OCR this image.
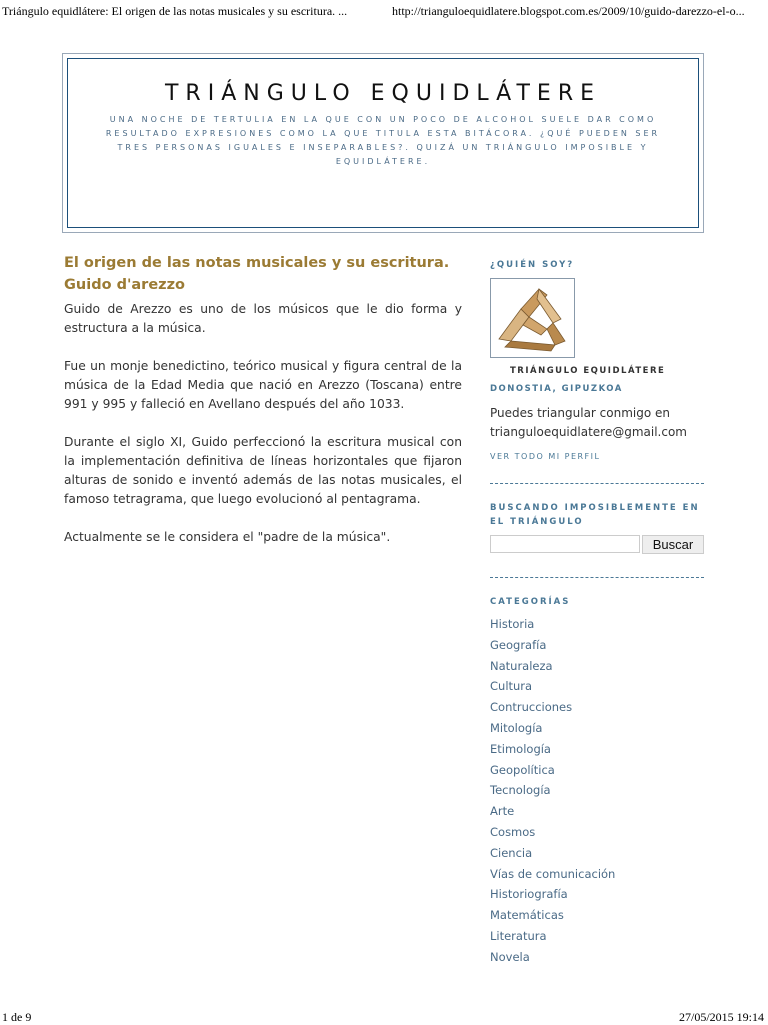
Triángulo equidlátere: El origen de las notas musicales y su escritura. ...	http://trianguloequidlatere.blogspot.com.es/2009/10/guido-darezzo-el-o...
TRIÁNGULO EQUIDLÁTERE
UNA NOCHE DE TERTULIA EN LA QUE CON UN POCO DE ALCOHOL SUELE DAR COMO RESULTADO EXPRESIONES COMO LA QUE TITULA ESTA BITÁCORA. ¿QUÉ PUEDEN SER TRES PERSONAS IGUALES E INSEPARABLES?. QUIZÁ UN TRIÁNGULO IMPOSIBLE Y EQUIDLÁTERE.
El origen de las notas musicales y su escritura. Guido d'arezzo

Guido de Arezzo es uno de los músicos que le dio forma y estructura a la música.

Fue un monje benedictino, teórico musical y figura central de la música de la Edad Media que nació en Arezzo (Toscana) entre 991 y 995 y falleció en Avellano después del año 1033.

Durante el siglo XI, Guido perfeccionó la escritura musical con la implementación definitiva de líneas horizontales que fijaron alturas de sonido e inventó además de las notas musicales, el famoso tetragrama, que luego evolucionó al pentagrama.

Actualmente se le considera el "padre de la música".

¿QUIÉN SOY?
TRIÁNGULO EQUIDLÁTERE
DONOSTIA, GIPUZKOA
Puedes triangular conmigo en trianguloequidlatere@gmail.com
VER TODO MI PERFIL
BUSCANDO IMPOSIBLEMENTE EN EL TRIÁNGULO
Buscar
CATEGORÍAS
Historia
Geografía
Naturaleza
Cultura
Contrucciones
Mitología
Etimología
Geopolítica
Tecnología
Arte
Cosmos
Ciencia
Vías de comunicación
Historiografía
Matemáticas
Literatura
Novela
1 de 9	27/05/2015 19:14
